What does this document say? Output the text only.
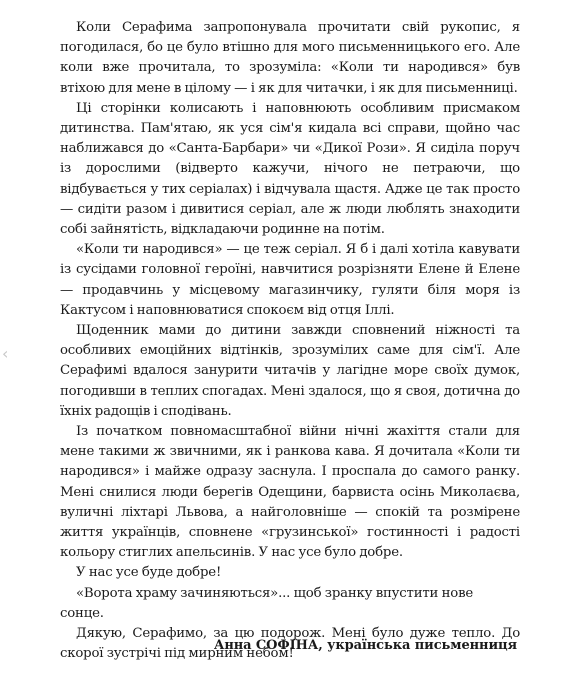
‹

Коли Серафима запропонувала прочитати свій рукопис, я погодилася, бо це було втішно для мого письменницького его. Але коли вже прочитала, то зрозуміла: «Коли ти народився» був втіхою для мене в цілому — і як для читачки, і як для письменниці.

Ці сторінки колисають і наповнюють особливим присмаком дитинства. Пам'ятаю, як уся сім'я кидала всі справи, щойно час наближався до «Санта-Барбари» чи «Дикої Рози». Я сиділа поруч із дорослими (відверто кажучи, нічого не петраючи, що відбувається у тих серіалах) і відчувала щастя. Адже це так просто — сидіти разом і дивитися серіал, але ж люди люблять знаходити собі зайнятість, відкладаючи родинне на потім.

«Коли ти народився» — це теж серіал. Я б і далі хотіла кавувати із сусідами головної героїні, навчитися розрізняти Елене й Елене — продавчинь у місцевому магазинчику, гуляти біля моря із Кактусом і наповнюватися спокоєм від отця Іллі.

Щоденник мами до дитини завжди сповнений ніжності та особливих емоційних відтінків, зрозумілих саме для сім'ї. Але Серафимі вдалося занурити читачів у лагідне море своїх думок, погодивши в теплих спогадах. Мені здалося, що я своя, дотична до їхніх радощів і сподівань.

Із початком повномасштабної війни нічні жахіття стали для мене такими ж звичними, як і ранкова кава. Я дочитала «Коли ти народився» і майже одразу заснула. І проспала до самого ранку. Мені снилися люди берегів Одещини, барвиста осінь Миколаєва, вуличні ліхтарі Львова, а найголовніше — спокій та розмірене життя українців, сповнене «грузинської» гостинності і радості кольору стиглих апельсинів. У нас усе було добре.

У нас усе буде добре!

«Ворота храму зачиняються»... щоб зранку впустити нове сонце.

Дякую, Серафимо, за цю подорож. Мені було дуже тепло. До скорої зустрічі під мирним небом!

Анна СОФІНА, українська письменниця
